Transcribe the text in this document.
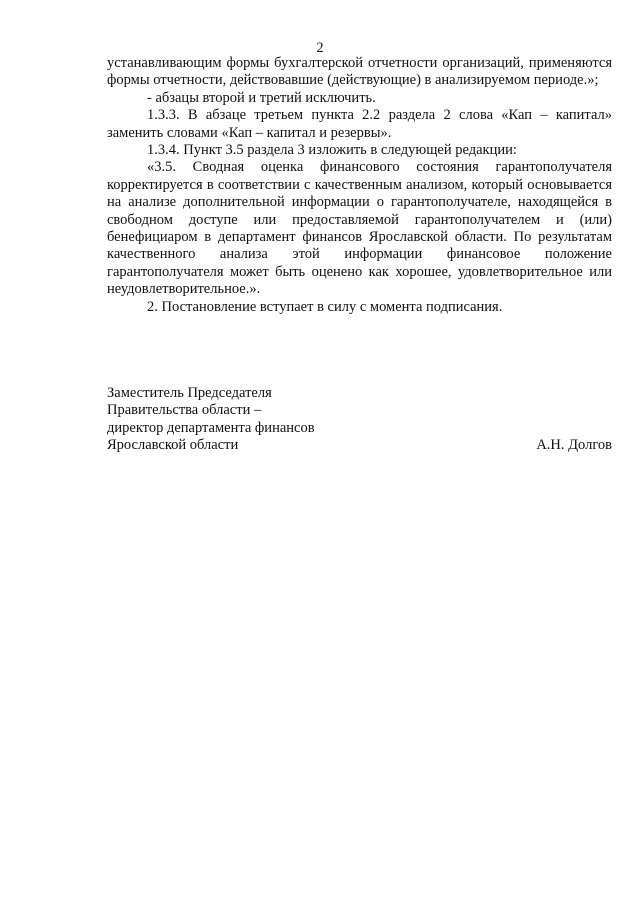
2

устанавливающим формы бухгалтерской отчетности организаций, применяются формы отчетности, действовавшие (действующие) в анализируемом периоде.»;

- абзацы второй и третий исключить.

1.3.3. В абзаце третьем пункта 2.2 раздела 2 слова «Кап – капитал» заменить словами «Кап – капитал и резервы».

1.3.4. Пункт 3.5 раздела 3 изложить в следующей редакции:

«3.5. Сводная оценка финансового состояния гарантополучателя корректируется в соответствии с качественным анализом, который основывается на анализе дополнительной информации о гарантополучателе, находящейся в свободном доступе или предоставляемой гарантополучателем и (или) бенефициаром в департамент финансов Ярославской области. По результатам качественного анализа этой информации финансовое положение гарантополучателя может быть оценено как хорошее, удовлетворительное или неудовлетворительное.».

2. Постановление вступает в силу с момента подписания.

Заместитель Председателя
Правительства области –
директор департамента финансов
Ярославской области	А.Н. Долгов
